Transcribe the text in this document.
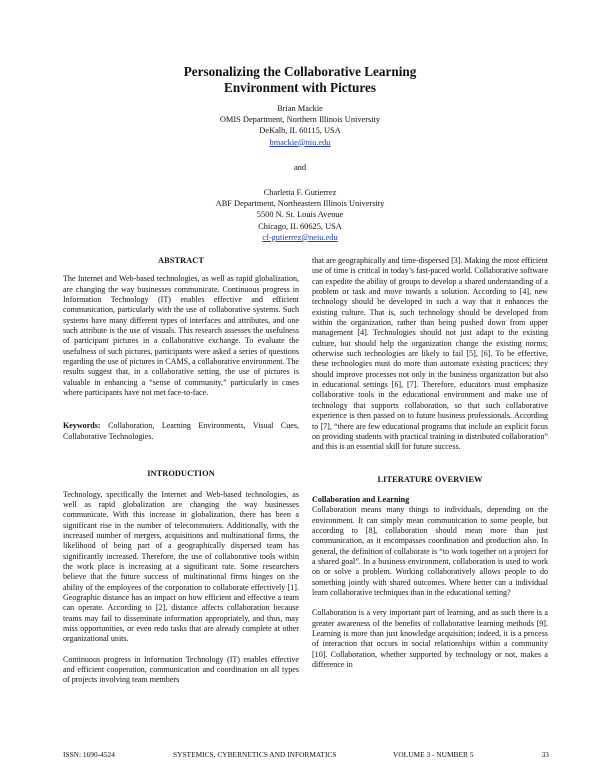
Personalizing the Collaborative Learning
Environment with Pictures
Brian Mackie
OMIS Department, Northern Illinois University
DeKalb, IL 60115, USA
bmackie@niu.edu
and
Charletta F. Gutierrez
ABF Department, Northeastern Illinois University
5500 N. St. Louis Avenue
Chicago, IL 60625, USA
cf-gutierrez@neiu.edu
ABSTRACT

The Internet and Web-based technologies, as well as rapid globalization, are changing the way businesses communicate. Continuous progress in Information Technology (IT) enables effective and efficient communication, particularly with the use of collaborative systems. Such systems have many different types of interfaces and attributes, and one such attribute is the use of visuals. This research assesses the usefulness of participant pictures in a collaborative exchange. To evaluate the usefulness of such pictures, participants were asked a series of questions regarding the use of pictures in CAMS, a collaborative environment. The results suggest that, in a collaborative setting, the use of pictures is valuable in enhancing a “sense of community,” particularly in cases where participants have not met face-to-face.

Keywords: Collaboration, Learning Environments, Visual Cues, Collaborative Technologies.

INTRODUCTION

Technology, specifically the Internet and Web-based technologies, as well as rapid globalization are changing the way businesses communicate. With this increase in globalization, there has been a significant rise in the number of telecommuters. Additionally, with the increased number of mergers, acquisitions and multinational firms, the likelihood of being part of a geographically dispersed team has significantly increased. Therefore, the use of collaborative tools within the work place is increasing at a significant rate. Some researchers believe that the future success of multinational firms hinges on the ability of the employees of the corporation to collaborate effectively [1]. Geographic distance has an impact on how efficient and effective a team can operate. According to [2], distance affects collaboration because teams may fail to disseminate information appropriately, and thus, may miss opportunities, or even redo tasks that are already complete at other organizational units.

Continuous progress in Information Technology (IT) enables effective and efficient cooperation, communication and coordination on all types of projects involving team members

that are geographically and time-dispersed [3]. Making the most efficient use of time is critical in today’s fast-paced world. Collaborative software can expedite the ability of groups to develop a shared understanding of a problem or task and move towards a solution. According to [4], new technology should be developed in such a way that it enhances the existing culture. That is, such technology should be developed from within the organization, rather than being pushed down from upper management [4]. Technologies should not just adapt to the existing culture, but should help the organization change the existing norms; otherwise such technologies are likely to fail [5], [6]. To be effective, these technologies must do more than automate existing practices; they should improve processes not only in the business organization but also in educational settings [6], [7]. Therefore, educators must emphasize collaborative tools in the educational environment and make use of technology that supports collaboration, so that such collaborative experience is then passed on to future business professionals. According to [7], “there are few educational programs that include an explicit focus on providing students with practical training in distributed collaboration” and this is an essential skill for future success.

LITERATURE OVERVIEW
Collaboration and Learning

Collaboration means many things to individuals, depending on the environment. It can simply mean communication to some people, but according to [8], collaboration should mean more than just communication, as it encompasses coordination and production also. In general, the definition of collaborate is “to work together on a project for a shared goal”. In a business environment, collaboration is used to work on or solve a problem. Working collaboratively allows people to do something jointly with shared outcomes. Where better can a individual learn collaborative techniques than in the educational setting?

Collaboration is a very important part of learning, and as such there is a greater awareness of the benefits of collaborative learning methods [9]. Learning is more than just knowledge acquisition; indeed, it is a process of interaction that occurs in social relationships within a community [10]. Collaboration, whether supported by technology or not, makes a difference in

ISSN: 1690-4524	SYSTEMICS, CYBERNETICS AND INFORMATICS	VOLUME 3 - NUMBER 5	33
